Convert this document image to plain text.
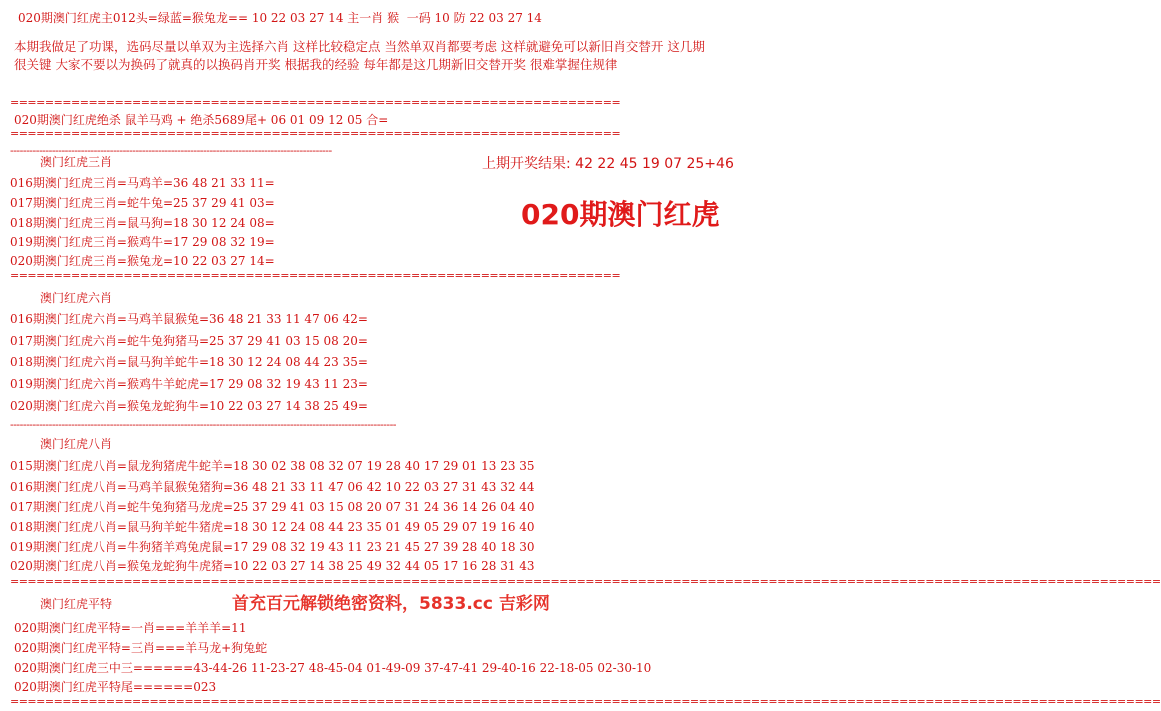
020期澳门红虎主012头=绿蓝=猴兔龙== 10 22 03 27 14 主一肖 猴  一码 10 防 22 03 27 14
本期我做足了功课，选码尽量以单双为主选择六肖 这样比较稳定点 当然单双肖都要考虑 这样就避免可以新旧肖交替开 这几期很关键 大家不要以为换码了就真的以换码肖开奖 根据我的经验 每年都是这几期新旧交替开奖 很难掌握住规律
======================================================================
020期澳门红虎绝杀 鼠羊马鸡 + 绝杀5689尾+ 06 01 09 12 05 合=
======================================================================
----------------------------------------------------------------------------------------------------
上期开奖结果: 42 22 45 19 07 25+46
020期澳门红虎
澳门红虎三肖
016期澳门红虎三肖=马鸡羊=36 48 21 33 11=
017期澳门红虎三肖=蛇牛兔=25 37 29 41 03=
018期澳门红虎三肖=鼠马狗=18 30 12 24 08=
019期澳门红虎三肖=猴鸡牛=17 29 08 32 19=
020期澳门红虎三肖=猴兔龙=10 22 03 27 14=
======================================================================
澳门红虎六肖
016期澳门红虎六肖=马鸡羊鼠猴兔=36 48 21 33 11 47 06 42=
017期澳门红虎六肖=蛇牛兔狗猪马=25 37 29 41 03 15 08 20=
018期澳门红虎六肖=鼠马狗羊蛇牛=18 30 12 24 08 44 23 35=
019期澳门红虎六肖=猴鸡牛羊蛇虎=17 29 08 32 19 43 11 23=
020期澳门红虎六肖=猴兔龙蛇狗牛=10 22 03 27 14 38 25 49=
------------------------------------------------------------------------------------------------------------------------
澳门红虎八肖
015期澳门红虎八肖=鼠龙狗猪虎牛蛇羊=18 30 02 38 08 32 07 19 28 40 17 29 01 13 23 35
016期澳门红虎八肖=马鸡羊鼠猴兔猪狗=36 48 21 33 11 47 06 42 10 22 03 27 31 43 32 44
017期澳门红虎八肖=蛇牛兔狗猪马龙虎=25 37 29 41 03 15 08 20 07 31 24 36 14 26 04 40
018期澳门红虎八肖=鼠马狗羊蛇牛猪虎=18 30 12 24 08 44 23 35 01 49 05 29 07 19 16 40
019期澳门红虎八肖=牛狗猪羊鸡兔虎鼠=17 29 08 32 19 43 11 23 21 45 27 39 28 40 18 30
020期澳门红虎八肖=猴兔龙蛇狗牛虎猪=10 22 03 27 14 38 25 49 32 44 05 17 16 28 31 43
====================================================================================================================================
澳门红虎平特	首充百元解锁绝密资料，5833.cc 吉彩网
020期澳门红虎平特=一肖===羊羊羊=11
020期澳门红虎平特=三肖===羊马龙+狗兔蛇
020期澳门红虎三中三======43-44-26 11-23-27 48-45-04 01-49-09 37-47-41 29-40-16 22-18-05 02-30-10
020期澳门红虎平特尾======023
====================================================================================================================================
